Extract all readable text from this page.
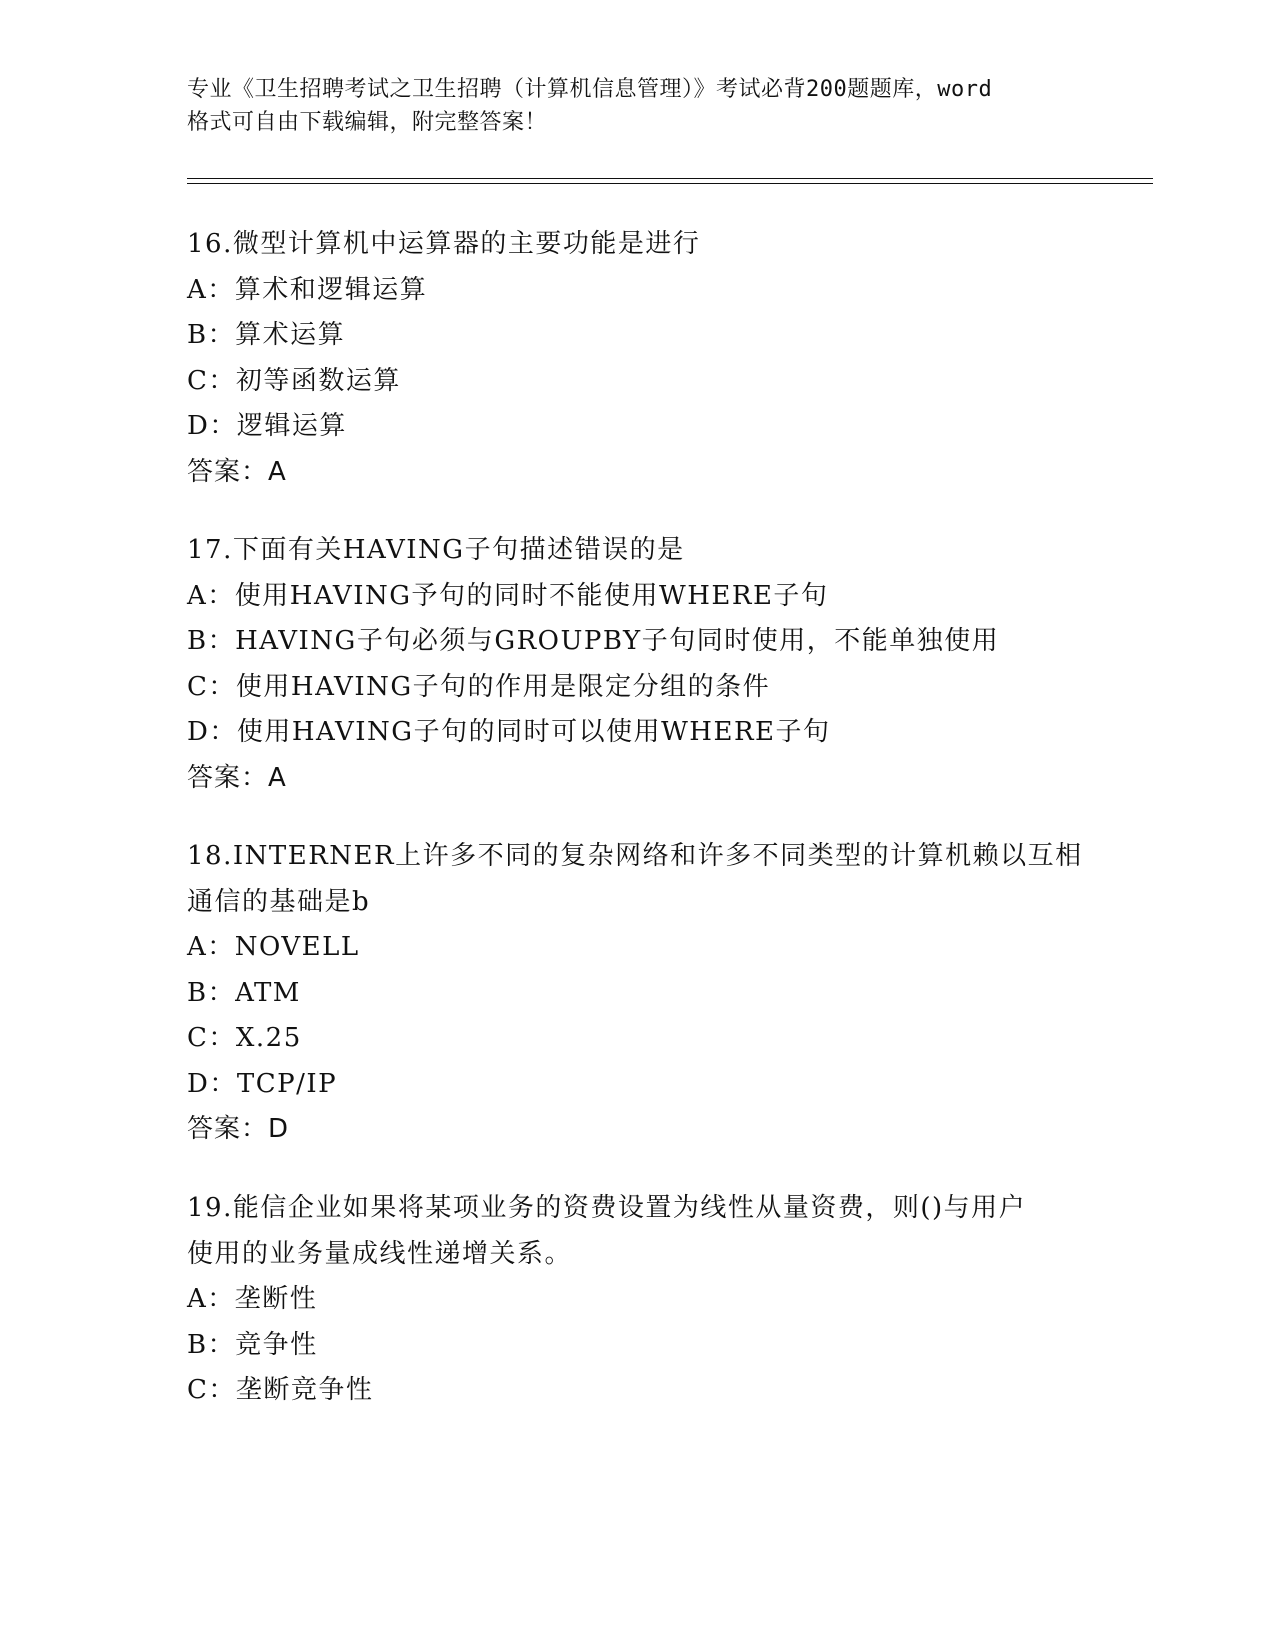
专业《卫生招聘考试之卫生招聘（计算机信息管理）》考试必背200题题库，word
格式可自由下载编辑，附完整答案！

16.微型计算机中运算器的主要功能是进行

A：算术和逻辑运算

B：算术运算

C：初等函数运算

D：逻辑运算

答案：A

17.下面有关HAVING子句描述错误的是

A：使用HAVING予句的同时不能使用WHERE子句

B：HAVING子句必须与GROUPBY子句同时使用，不能单独使用

C：使用HAVING子句的作用是限定分组的条件

D：使用HAVING子句的同时可以使用WHERE子句

答案：A

18.INTERNER上许多不同的复杂网络和许多不同类型的计算机赖以互相

通信的基础是b

A：NOVELL

B：ATM

C：X.25

D：TCP/IP

答案：D

19.能信企业如果将某项业务的资费设置为线性从量资费，则()与用户

使用的业务量成线性递增关系。

A：垄断性

B：竞争性

C：垄断竞争性
